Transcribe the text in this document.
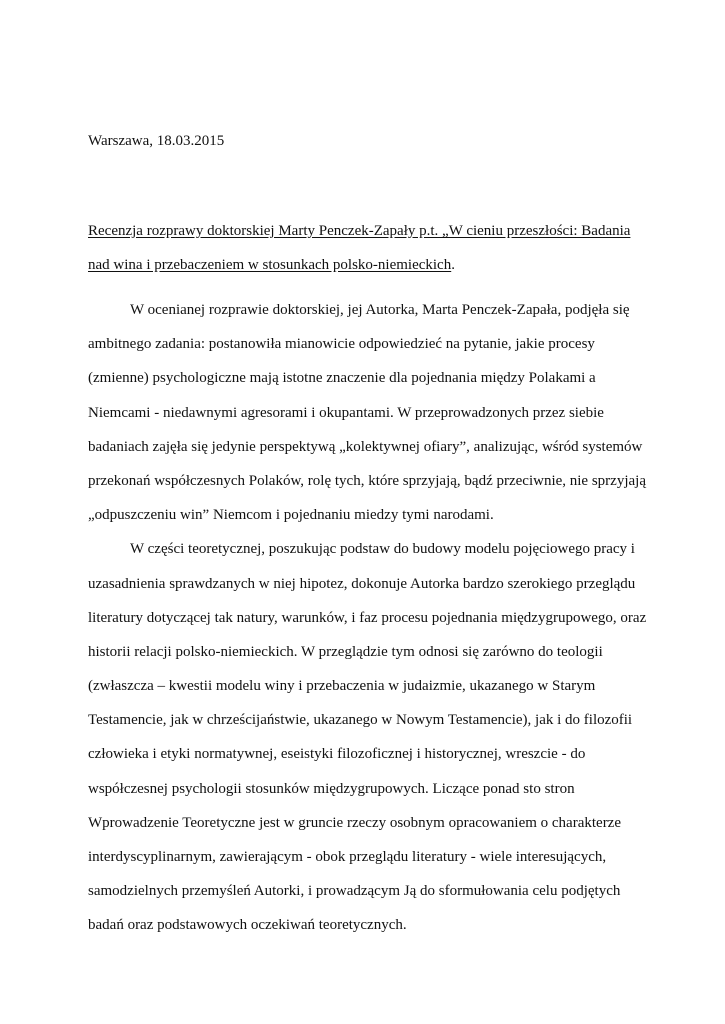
Warszawa, 18.03.2015
Recenzja rozprawy doktorskiej Marty Penczek-Zapały p.t. „W cieniu przeszłości: Badania
nad wina i przebaczeniem w stosunkach polsko-niemieckich.
W ocenianej rozprawie doktorskiej, jej Autorka, Marta Penczek-Zapała, podjęła się
ambitnego zadania: postanowiła mianowicie odpowiedzieć na pytanie, jakie procesy
(zmienne) psychologiczne mają istotne znaczenie dla pojednania między Polakami a
Niemcami - niedawnymi agresorami i okupantami. W przeprowadzonych przez siebie
badaniach zajęła się jedynie perspektywą „kolektywnej ofiary”, analizując, wśród systemów
przekonań współczesnych Polaków, rolę tych, które sprzyjają, bądź przeciwnie, nie sprzyjają
„odpuszczeniu win” Niemcom i pojednaniu miedzy tymi narodami.
W części teoretycznej, poszukując podstaw do budowy modelu pojęciowego pracy i
uzasadnienia sprawdzanych w niej hipotez, dokonuje Autorka bardzo szerokiego przeglądu
literatury dotyczącej tak natury, warunków, i faz procesu pojednania międzygrupowego, oraz
historii relacji polsko-niemieckich. W przeglądzie tym odnosi się zarówno do teologii
(zwłaszcza – kwestii modelu winy i przebaczenia w judaizmie, ukazanego w Starym
Testamencie, jak w chrześcijaństwie, ukazanego w Nowym Testamencie), jak i do filozofii
człowieka i etyki normatywnej, eseistyki filozoficznej i historycznej, wreszcie - do
współczesnej psychologii stosunków międzygrupowych. Liczące ponad sto stron
Wprowadzenie Teoretyczne jest w gruncie rzeczy osobnym opracowaniem o charakterze
interdyscyplinarnym, zawierającym - obok przeglądu literatury - wiele interesujących,
samodzielnych przemyśleń Autorki, i prowadzącym Ją do sformułowania celu podjętych
badań oraz podstawowych oczekiwań teoretycznych.
